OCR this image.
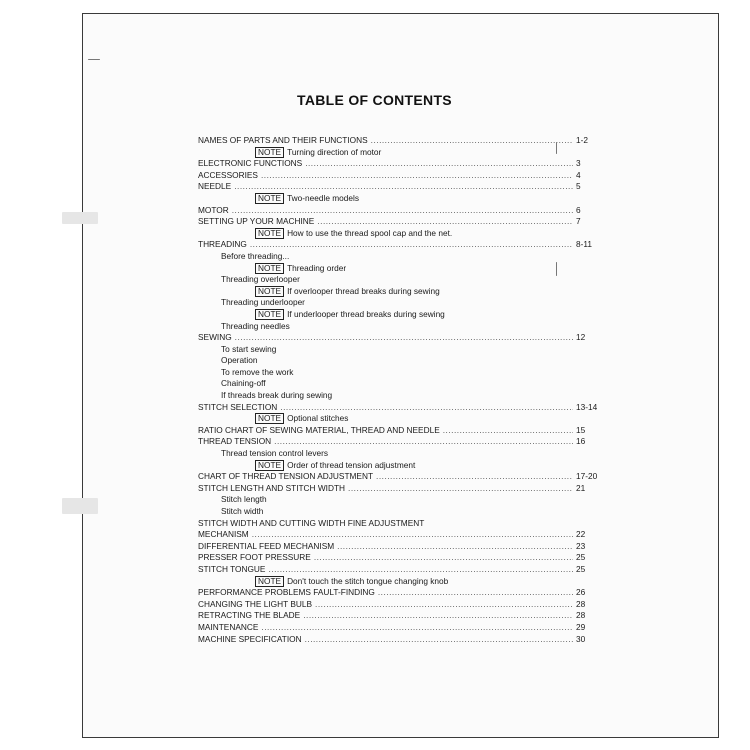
TABLE OF CONTENTS
NAMES OF PARTS AND THEIR FUNCTIONS .....	1-2
NOTE Turning direction of motor
ELECTRONIC FUNCTIONS .....	3
ACCESSORIES .....	4
NEEDLE .....	5
NOTE Two-needle models
MOTOR .....	6
SETTING UP YOUR MACHINE .....	7
NOTE How to use the thread spool cap and the net.
THREADING .....	8-11
Before threading...
NOTE Threading order
Threading overlooper
NOTE If overlooper thread breaks during sewing
Threading underlooper
NOTE If underlooper thread breaks during sewing
Threading needles
SEWING .....	12
To start sewing
Operation
To remove the work
Chaining-off
If threads break during sewing
STITCH SELECTION .....	13-14
NOTE Optional stitches
RATIO CHART OF SEWING MATERIAL, THREAD AND NEEDLE .....	15
THREAD TENSION .....	16
Thread tension control levers
NOTE Order of thread tension adjustment
CHART OF THREAD TENSION ADJUSTMENT .....	17-20
STITCH LENGTH AND STITCH WIDTH .....	21
Stitch length
Stitch width
STITCH WIDTH AND CUTTING WIDTH FINE ADJUSTMENT
MECHANISM .....	22
DIFFERENTIAL FEED MECHANISM .....	23
PRESSER FOOT PRESSURE .....	25
STITCH TONGUE .....	25
NOTE Don't touch the stitch tongue changing knob
PERFORMANCE PROBLEMS FAULT-FINDING .....	26
CHANGING THE LIGHT BULB .....	28
RETRACTING THE BLADE .....	28
MAINTENANCE .....	29
MACHINE SPECIFICATION .....	30
